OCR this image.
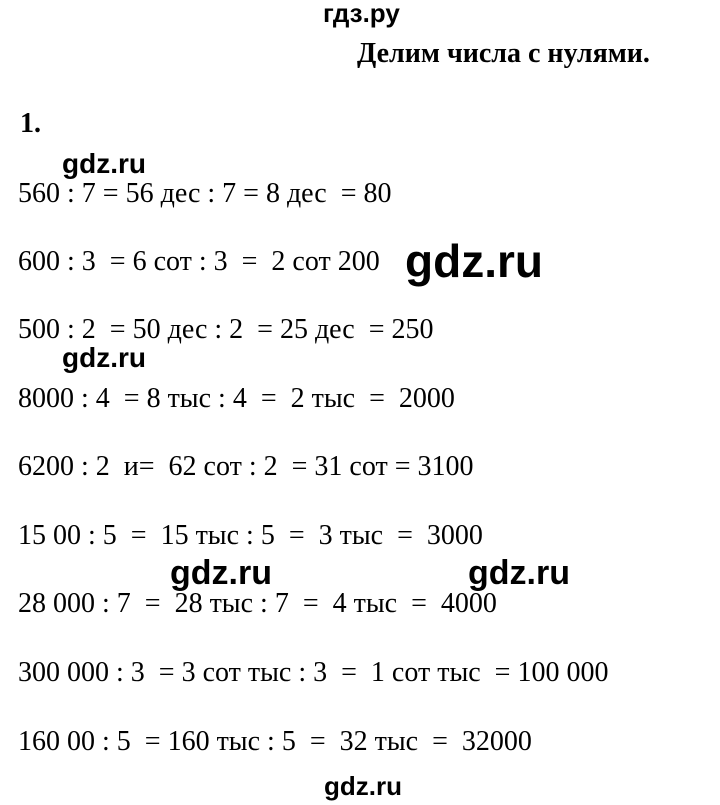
гдз.ру
Делим числа с нулями.
1.
gdz.ru
560 : 7 = 56 дес : 7 = 8 дес  = 80
600 : 3  = 6 сот : 3  =  2 сот 200 gdz.ru
500 : 2  = 50 дес : 2  = 25 дес  = 250
gdz.ru
8000 : 4  = 8 тыс : 4  =  2 тыс  =  2000
6200 : 2  и=  62 сот : 2  = 31 сот = 3100
15 00 : 5  =  15 тыс : 5  =  3 тыс  =  3000
gdz.ru	gdz.ru
28 000 : 7  =  28 тыс : 7  =  4 тыс  =  4000
300 000 : 3  = 3 сот тыс : 3  =  1 сот тыс  = 100 000
160 00 : 5  = 160 тыс : 5  =  32 тыс  =  32000
gdz.ru
